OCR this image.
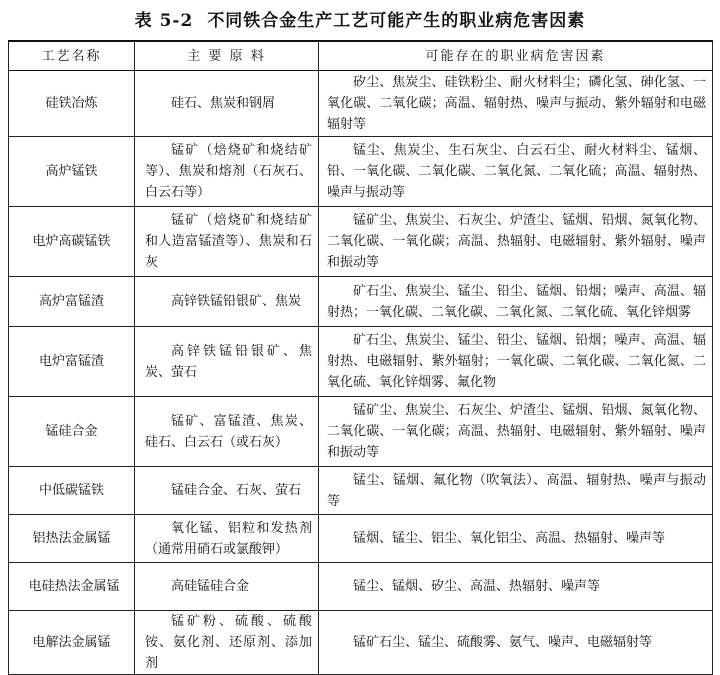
表 5-2 不同铁合金生产工艺可能产生的职业病危害因素
工艺名称	主 要 原 料	可能存在的职业病危害因素
硅铁冶炼	硅石、焦炭和钢屑	矽尘、焦炭尘、硅铁粉尘、耐火材料尘；磷化氢、砷化氢、一氧化碳、二氧化碳；高温、辐射热、噪声与振动、紫外辐射和电磁辐射等
高炉锰铁	锰矿（焙烧矿和烧结矿等）、焦炭和熔剂（石灰石、白云石等）	锰尘、焦炭尘、生石灰尘、白云石尘、耐火材料尘、锰烟、铅、一氧化碳、二氧化碳、二氧化氮、二氧化硫；高温、辐射热、噪声与振动等
电炉高碳锰铁	锰矿（焙烧矿和烧结矿和人造富锰渣等）、焦炭和石灰	锰矿尘、焦炭尘、石灰尘、炉渣尘、锰烟、铅烟、氮氧化物、二氧化碳、一氧化碳；高温、热辐射、电磁辐射、紫外辐射、噪声和振动等
高炉富锰渣	高锌铁锰铅银矿、焦炭	矿石尘、焦炭尘、锰尘、铅尘、锰烟、铅烟；噪声、高温、辐射热；一氧化碳、二氧化碳、二氧化氮、二氧化硫、氧化锌烟雾
电炉富锰渣	高锌铁锰铅银矿、焦炭、萤石	矿石尘、焦炭尘、锰尘、铅尘、锰烟、铅烟；噪声、高温、辐射热、电磁辐射、紫外辐射；一氧化碳、二氧化碳、二氧化氮、二氧化硫、氧化锌烟雾、氟化物
锰硅合金	锰矿、富锰渣、焦炭、硅石、白云石（或石灰）	锰矿尘、焦炭尘、石灰尘、炉渣尘、锰烟、铅烟、氮氧化物、二氧化碳、一氧化碳；高温、热辐射、电磁辐射、紫外辐射、噪声和振动等
中低碳锰铁	锰硅合金、石灰、萤石	锰尘、锰烟、氟化物（吹氧法）、高温、辐射热、噪声与振动等
铝热法金属锰	氧化锰、铝粒和发热剂（通常用硝石或氯酸钾）	锰烟、锰尘、铝尘、氧化铝尘、高温、热辐射、噪声等
电硅热法金属锰	高硅锰硅合金	锰尘、锰烟、矽尘、高温、热辐射、噪声等
电解法金属锰	锰矿粉、硫酸、硫酸铵、氨化剂、还原剂、添加剂	锰矿石尘、锰尘、硫酸雾、氨气、噪声、电磁辐射等
